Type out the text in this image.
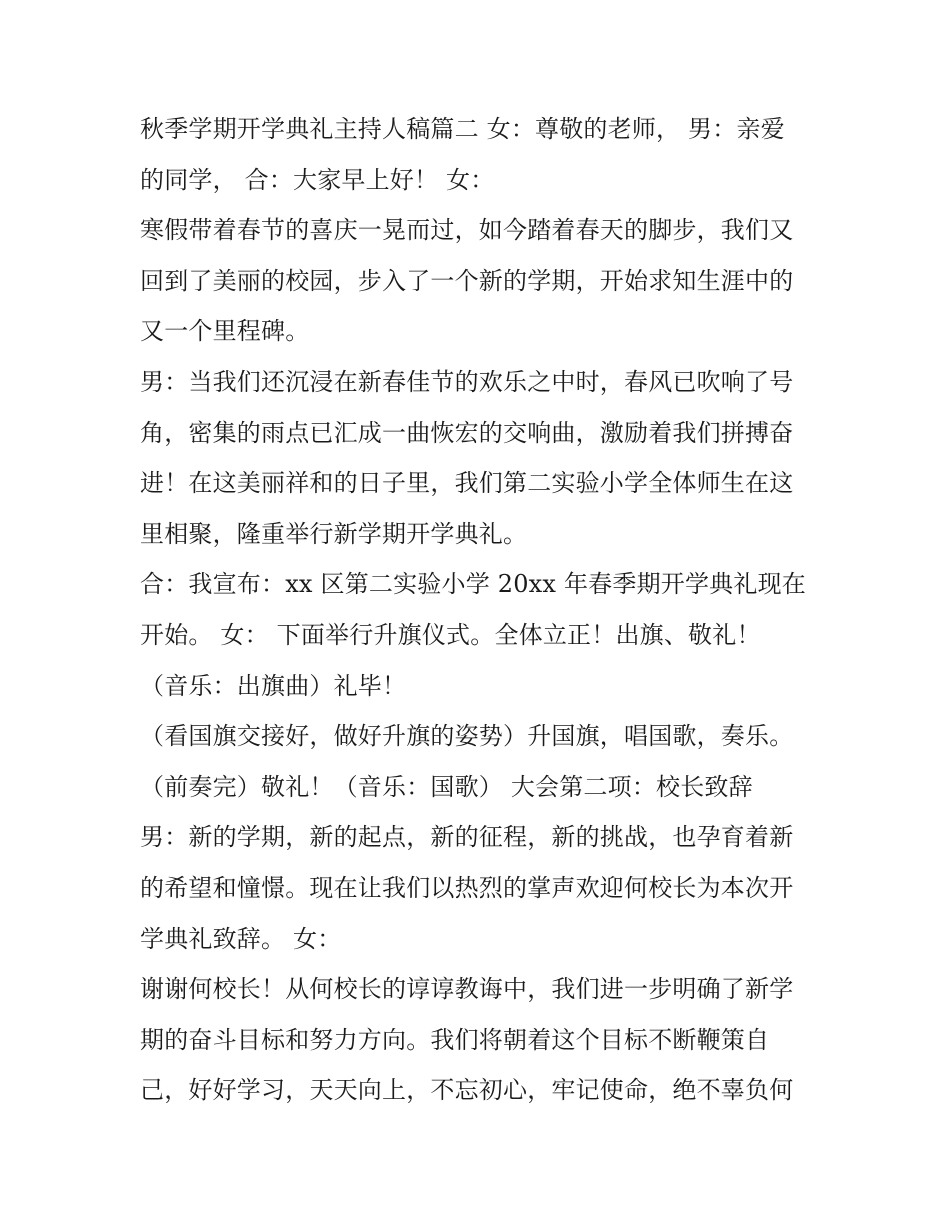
秋季学期开学典礼主持人稿篇二 女：尊敬的老师， 男：亲爱
的同学， 合：大家早上好！ 女：
寒假带着春节的喜庆一晃而过，如今踏着春天的脚步，我们又
回到了美丽的校园，步入了一个新的学期，开始求知生涯中的
又一个里程碑。
男：当我们还沉浸在新春佳节的欢乐之中时，春风已吹响了号
角，密集的雨点已汇成一曲恢宏的交响曲，激励着我们拼搏奋
进！在这美丽祥和的日子里，我们第二实验小学全体师生在这
里相聚，隆重举行新学期开学典礼。
合：我宣布：xx 区第二实验小学 20xx 年春季期开学典礼现在
开始。 女： 下面举行升旗仪式。全体立正！出旗、敬礼！
（音乐：出旗曲）礼毕！
（看国旗交接好，做好升旗的姿势）升国旗，唱国歌，奏乐。
（前奏完）敬礼！（音乐：国歌） 大会第二项：校长致辞
男：新的学期，新的起点，新的征程，新的挑战，也孕育着新
的希望和憧憬。现在让我们以热烈的掌声欢迎何校长为本次开
学典礼致辞。 女：
谢谢何校长！从何校长的谆谆教诲中，我们进一步明确了新学
期的奋斗目标和努力方向。我们将朝着这个目标不断鞭策自
己，好好学习，天天向上，不忘初心，牢记使命，绝不辜负何
